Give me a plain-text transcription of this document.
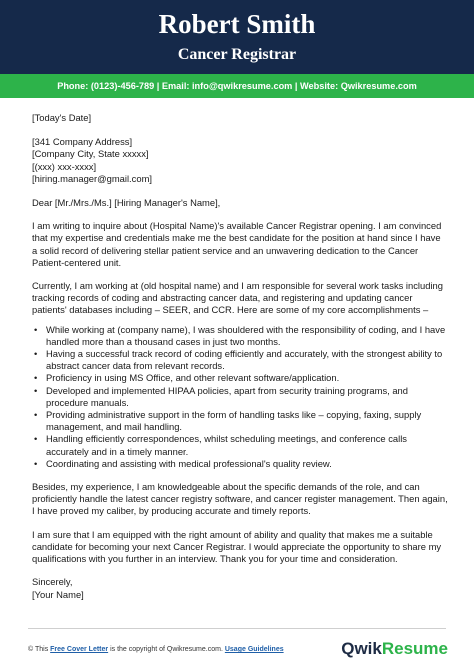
Robert Smith
Cancer Registrar
Phone: (0123)-456-789 | Email: info@qwikresume.com | Website: Qwikresume.com
[Today's Date]
[341 Company Address]
[Company City, State xxxxx]
[(xxx) xxx-xxxx]
[hiring.manager@gmail.com]

Dear [Mr./Mrs./Ms.] [Hiring Manager's Name],

I am writing to inquire about (Hospital Name)'s available Cancer Registrar opening. I am convinced that my expertise and credentials make me the best candidate for the position at hand since I have a solid record of delivering stellar patient service and an unwavering dedication to the Cancer Patient-centered unit.

Currently, I am working at (old hospital name) and I am responsible for several work tasks including tracking records of coding and abstracting cancer data, and registering and updating cancer patients' databases including – SEER, and CCR. Here are some of my core accomplishments –

• While working at (company name), I was shouldered with the responsibility of coding, and I have handled more than a thousand cases in just two months.
• Having a successful track record of coding efficiently and accurately, with the strongest ability to abstract cancer data from relevant records.
• Proficiency in using MS Office, and other relevant software/application.
• Developed and implemented HIPAA policies, apart from security training programs, and procedure manuals.
• Providing administrative support in the form of handling tasks like – copying, faxing, supply management, and mail handling.
• Handling efficiently correspondences, whilst scheduling meetings, and conference calls accurately and in a timely manner.
• Coordinating and assisting with medical professional's quality review.

Besides, my experience, I am knowledgeable about the specific demands of the role, and can proficiently handle the latest cancer registry software, and cancer register management. Then again, I have proved my caliber, by producing accurate and timely reports.

I am sure that I am equipped with the right amount of ability and quality that makes me a suitable candidate for becoming your next Cancer Registrar. I would appreciate the opportunity to share my qualifications with you further in an interview. Thank you for your time and consideration.

Sincerely,
[Your Name]
© This Free Cover Letter is the copyright of Qwikresume.com. Usage Guidelines	QwikResume
